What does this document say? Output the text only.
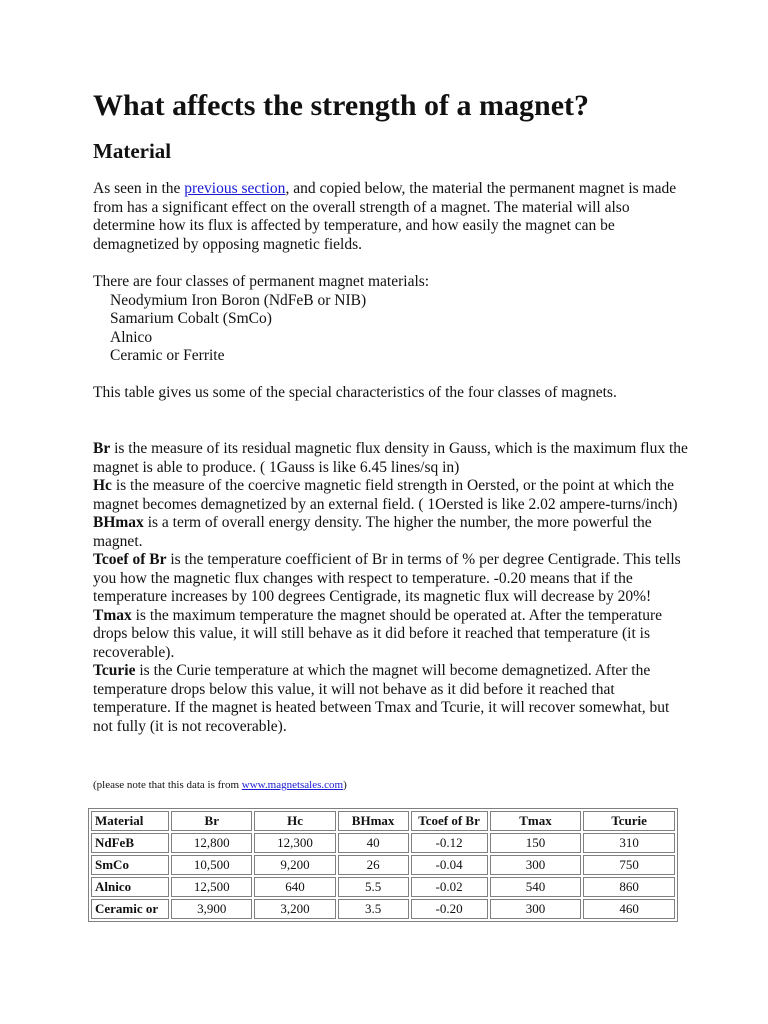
What affects the strength of a magnet?
Material

As seen in the previous section, and copied below, the material the permanent magnet is made from has a significant effect on the overall strength of a magnet. The material will also determine how its flux is affected by temperature, and how easily the magnet can be demagnetized by opposing magnetic fields.

There are four classes of permanent magnet materials:

Neodymium Iron Boron (NdFeB or NIB)

Samarium Cobalt (SmCo)

Alnico

Ceramic or Ferrite

This table gives us some of the special characteristics of the four classes of magnets.

Br is the measure of its residual magnetic flux density in Gauss, which is the maximum flux the magnet is able to produce. ( 1Gauss is like 6.45 lines/sq in)

Hc is the measure of the coercive magnetic field strength in Oersted, or the point at which the magnet becomes demagnetized by an external field. ( 1Oersted is like 2.02 ampere-turns/inch)

BHmax is a term of overall energy density. The higher the number, the more powerful the magnet.

Tcoef of Br is the temperature coefficient of Br in terms of % per degree Centigrade. This tells you how the magnetic flux changes with respect to temperature. -0.20 means that if the temperature increases by 100 degrees Centigrade, its magnetic flux will decrease by 20%!

Tmax is the maximum temperature the magnet should be operated at. After the temperature drops below this value, it will still behave as it did before it reached that temperature (it is recoverable).

Tcurie is the Curie temperature at which the magnet will become demagnetized. After the temperature drops below this value, it will not behave as it did before it reached that temperature. If the magnet is heated between Tmax and Tcurie, it will recover somewhat, but not fully (it is not recoverable).

(please note that this data is from www.magnetsales.com)
Material	Br	Hc	BHmax	Tcoef of Br	Tmax	Tcurie
NdFeB	12,800	12,300	40	-0.12	150	310
SmCo	10,500	9,200	26	-0.04	300	750
Alnico	12,500	640	5.5	-0.02	540	860
Ceramic or	3,900	3,200	3.5	-0.20	300	460
